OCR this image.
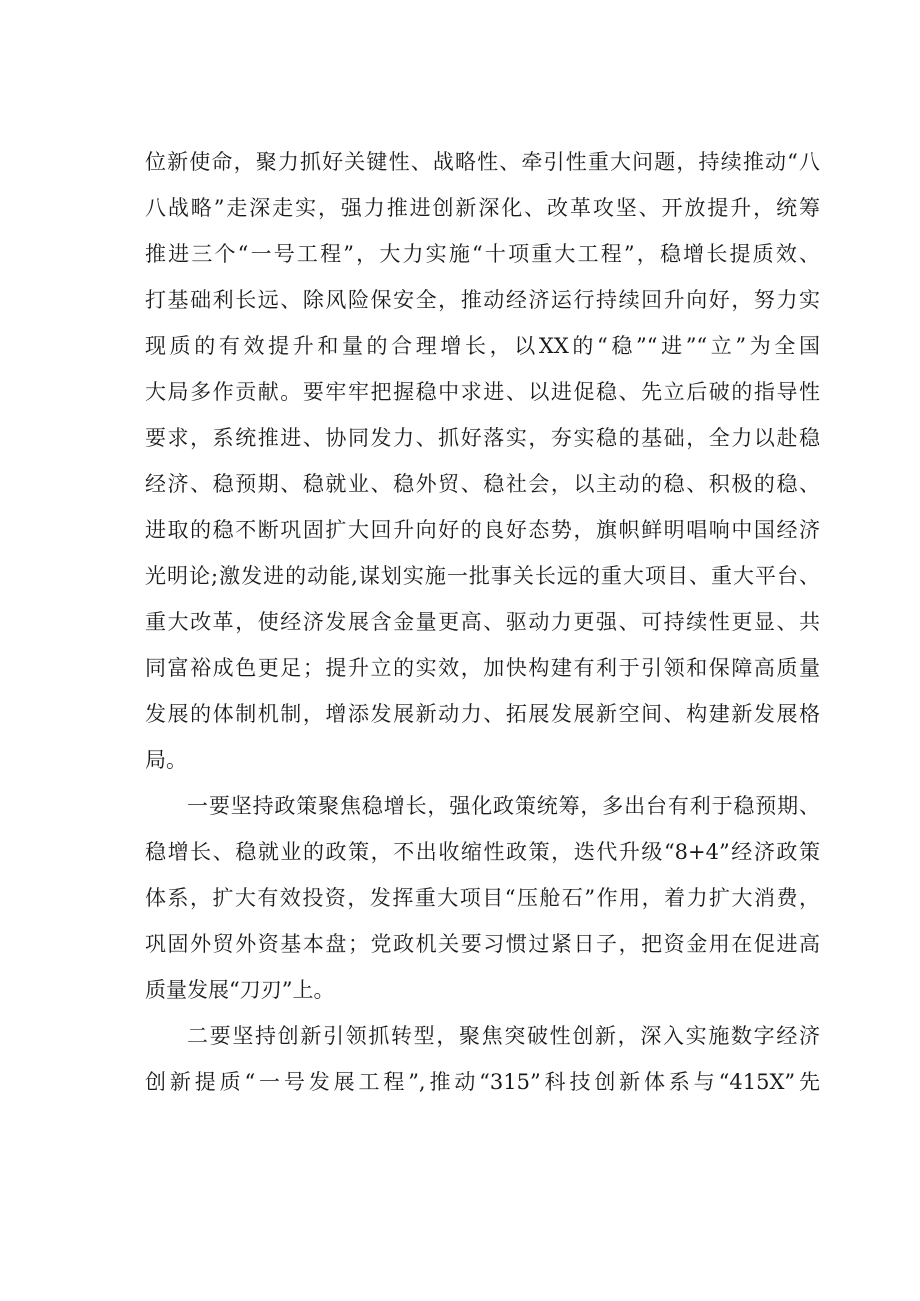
位新使命，聚力抓好关键性、战略性、牵引性重大问题，持续推动“八
八战略”走深走实，强力推进创新深化、改革攻坚、开放提升，统筹
推进三个“一号工程”，大力实施“十项重大工程”，稳增长提质效、
打基础利长远、除风险保安全，推动经济运行持续回升向好，努力实
现质的有效提升和量的合理增长，以XX的“稳”“进”“立”为全国
大局多作贡献。要牢牢把握稳中求进、以进促稳、先立后破的指导性
要求，系统推进、协同发力、抓好落实，夯实稳的基础，全力以赴稳
经济、稳预期、稳就业、稳外贸、稳社会，以主动的稳、积极的稳、
进取的稳不断巩固扩大回升向好的良好态势，旗帜鲜明唱响中国经济
光明论;激发进的动能,谋划实施一批事关长远的重大项目、重大平台、
重大改革，使经济发展含金量更高、驱动力更强、可持续性更显、共
同富裕成色更足；提升立的实效，加快构建有利于引领和保障高质量
发展的体制机制，增添发展新动力、拓展发展新空间、构建新发展格
局。
一要坚持政策聚焦稳增长，强化政策统筹，多出台有利于稳预期、
稳增长、稳就业的政策，不出收缩性政策，迭代升级“8+4”经济政策
体系，扩大有效投资，发挥重大项目“压舱石”作用，着力扩大消费，
巩固外贸外资基本盘；党政机关要习惯过紧日子，把资金用在促进高
质量发展“刀刃”上。
二要坚持创新引领抓转型，聚焦突破性创新，深入实施数字经济
创新提质“一号发展工程”,推动“315”科技创新体系与“415X”先
